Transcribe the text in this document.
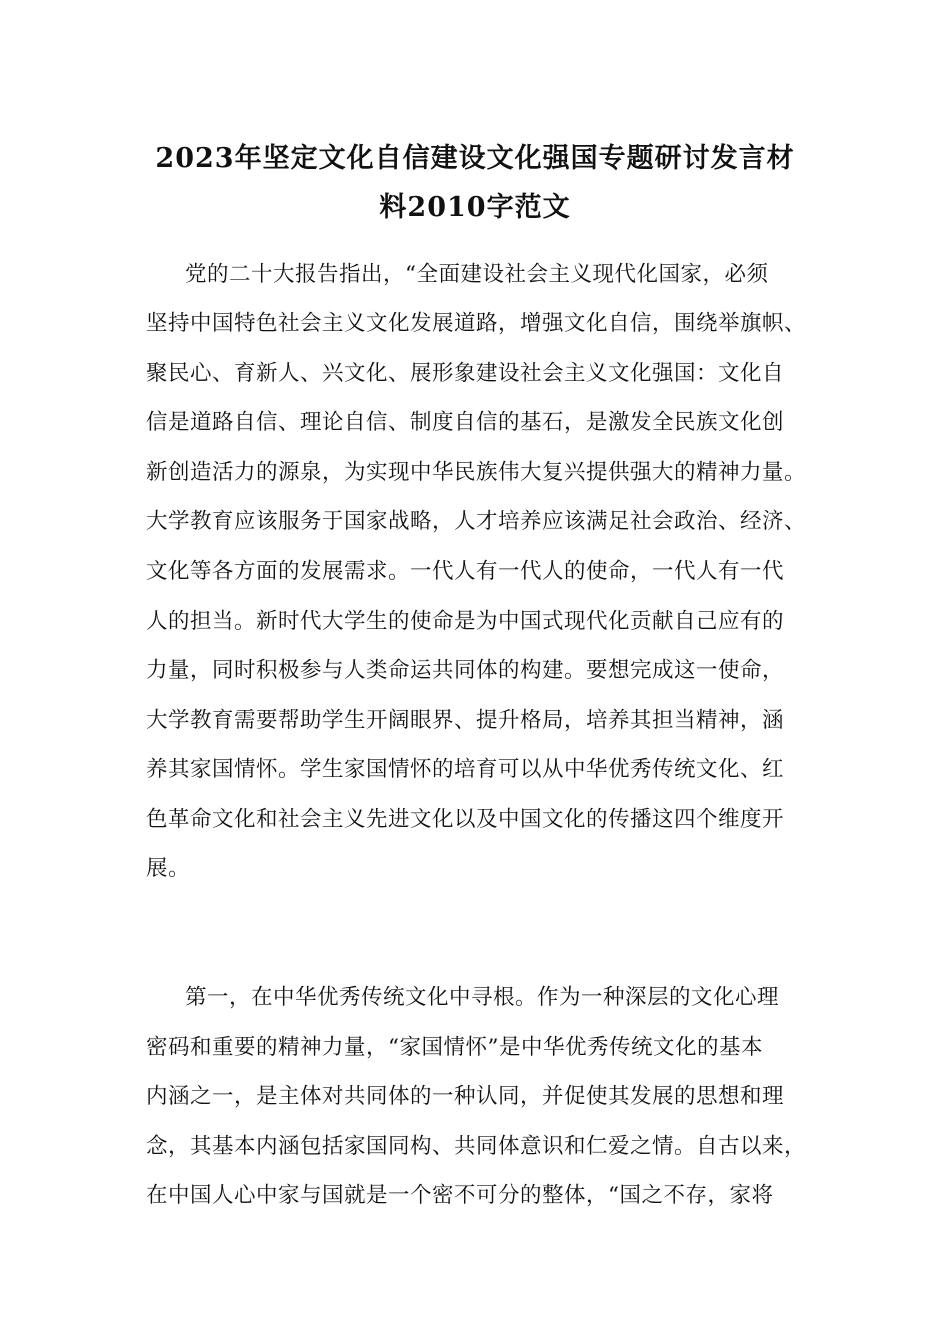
2023年坚定文化自信建设文化强国专题研讨发言材
料2010字范文
党的二十大报告指出，“全面建设社会主义现代化国家，必须
坚持中国特色社会主义文化发展道路，增强文化自信，围绕举旗帜、
聚民心、育新人、兴文化、展形象建设社会主义文化强国：文化自
信是道路自信、理论自信、制度自信的基石，是激发全民族文化创
新创造活力的源泉，为实现中华民族伟大复兴提供强大的精神力量。
大学教育应该服务于国家战略，人才培养应该满足社会政治、经济、
文化等各方面的发展需求。一代人有一代人的使命，一代人有一代
人的担当。新时代大学生的使命是为中国式现代化贡献自己应有的
力量，同时积极参与人类命运共同体的构建。要想完成这一使命，
大学教育需要帮助学生开阔眼界、提升格局，培养其担当精神，涵
养其家国情怀。学生家国情怀的培育可以从中华优秀传统文化、红
色革命文化和社会主义先进文化以及中国文化的传播这四个维度开
展。
第一，在中华优秀传统文化中寻根。作为一种深层的文化心理
密码和重要的精神力量，“家国情怀”是中华优秀传统文化的基本
内涵之一，是主体对共同体的一种认同，并促使其发展的思想和理
念，其基本内涵包括家国同构、共同体意识和仁爱之情。自古以来，
在中国人心中家与国就是一个密不可分的整体，“国之不存，家将
